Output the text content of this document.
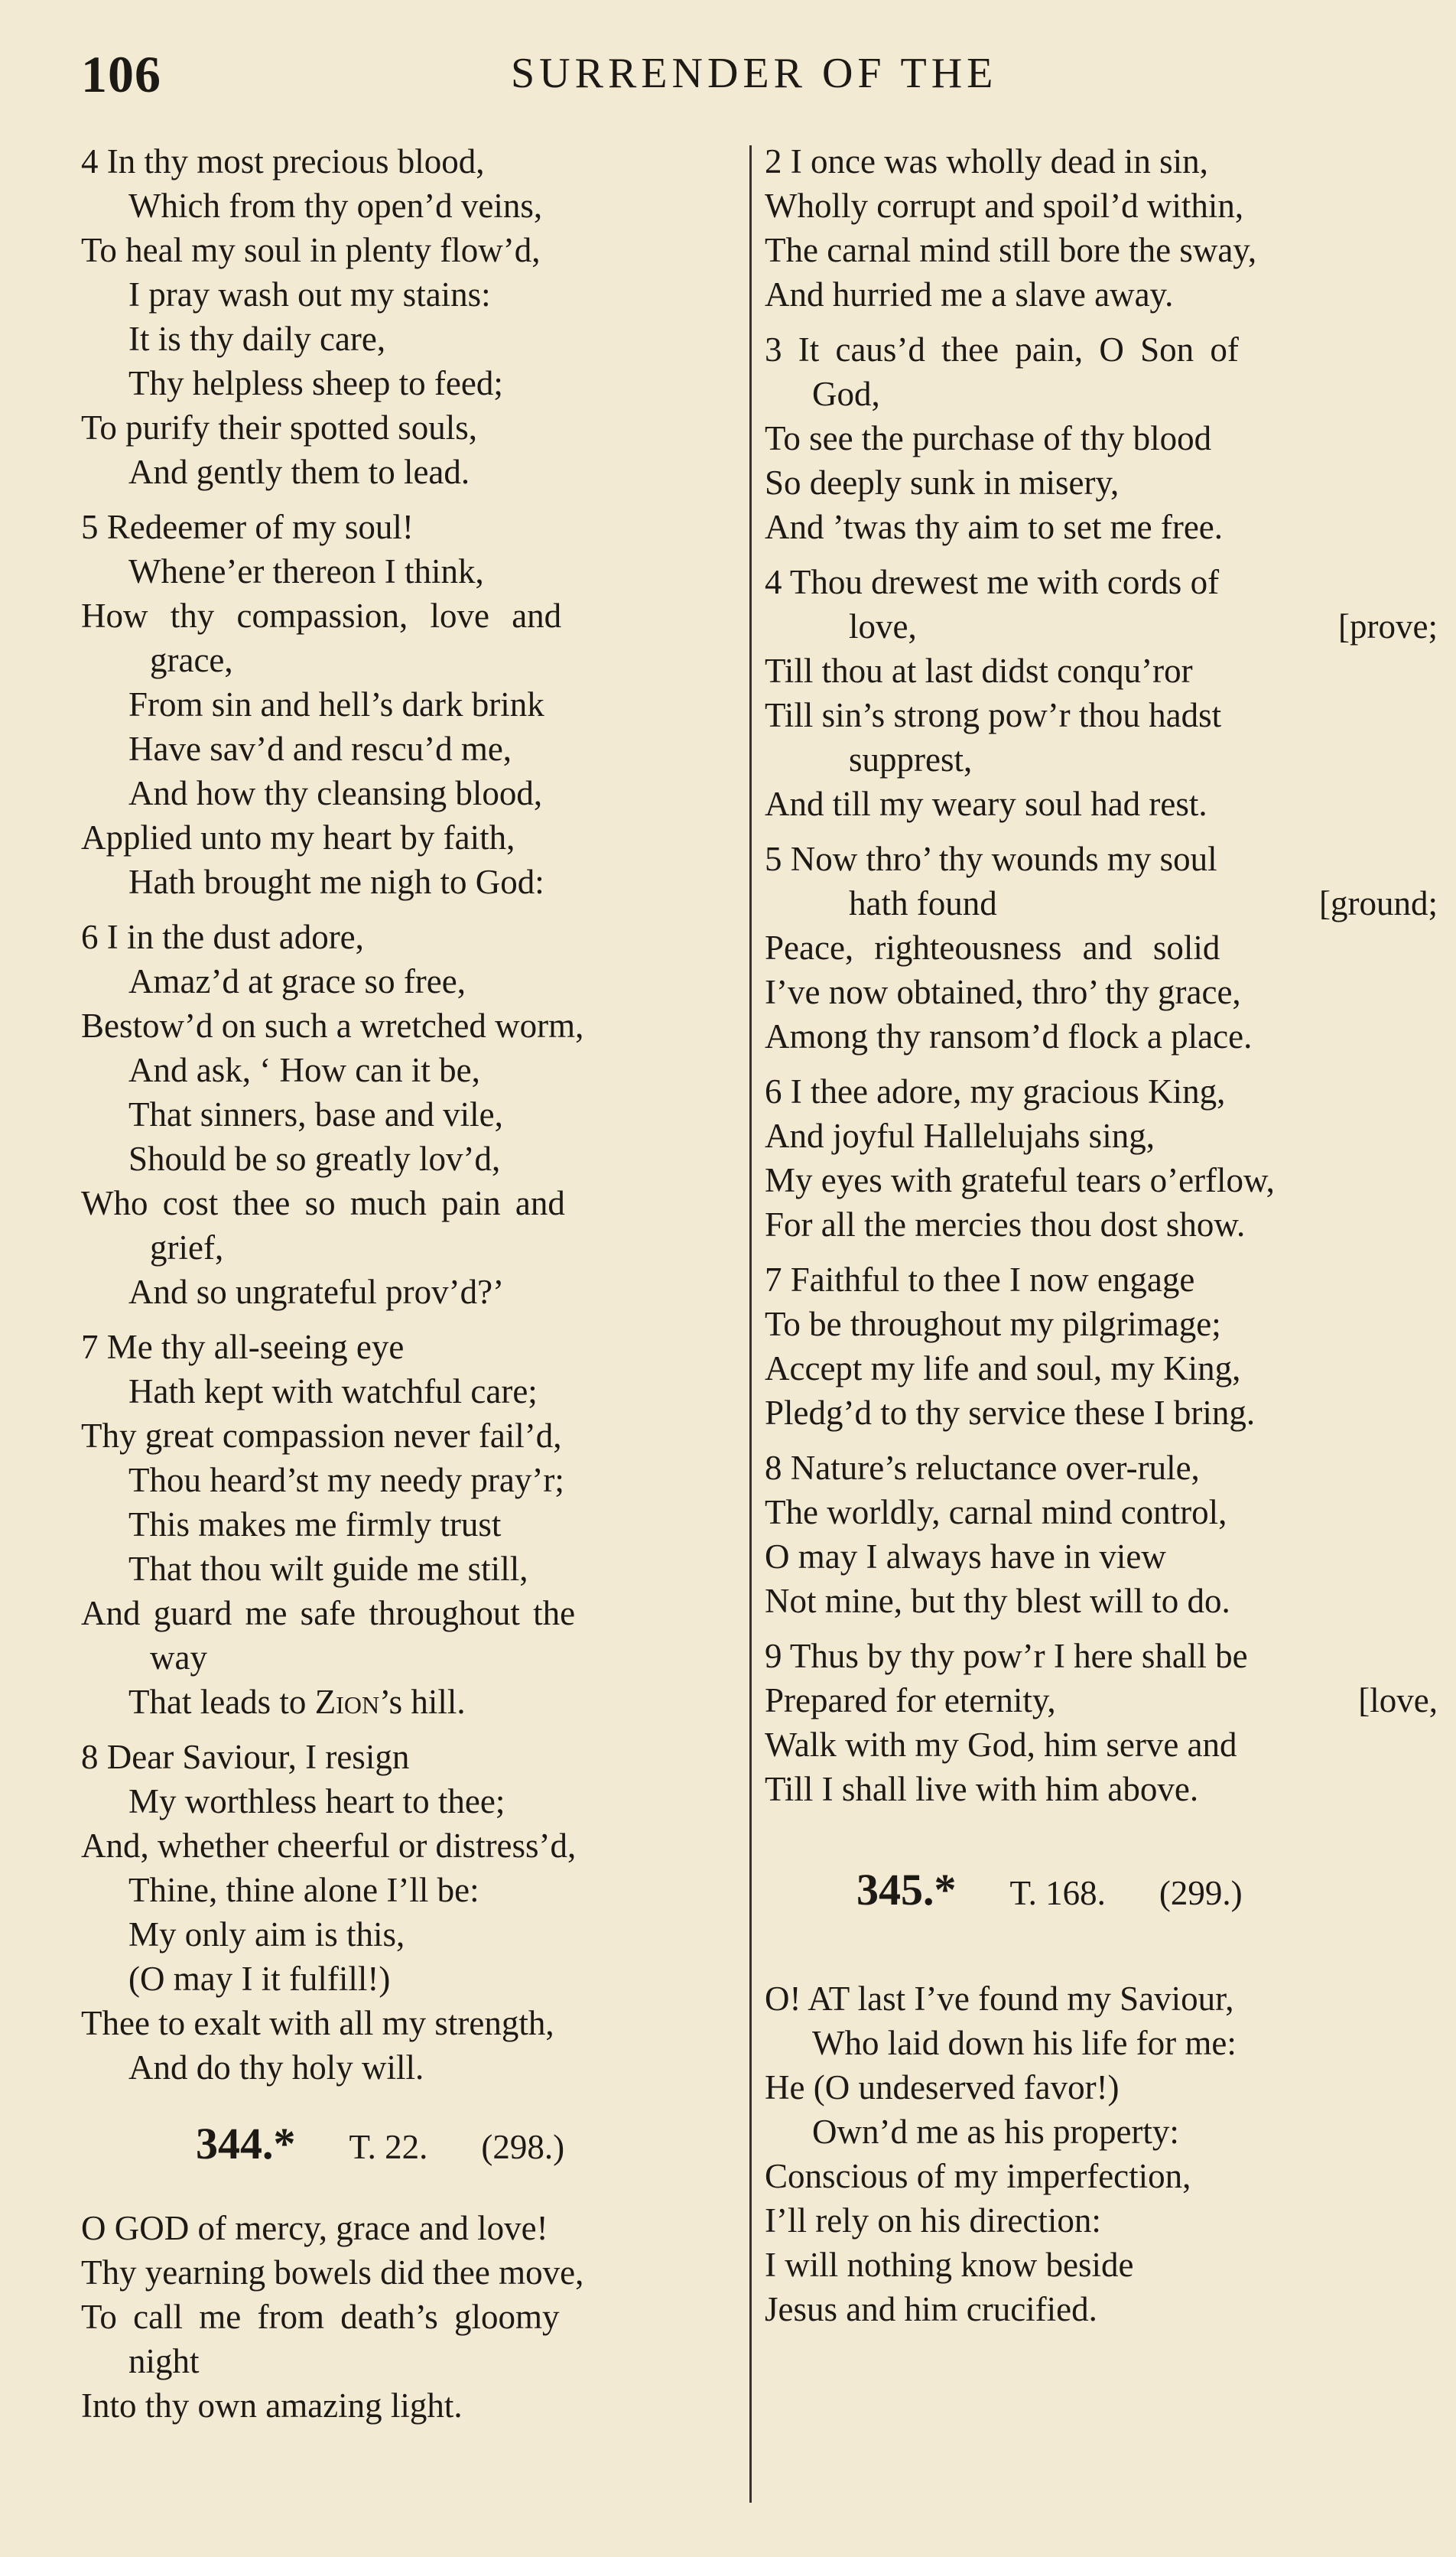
106	SURRENDER OF THE
4 In thy most precious blood,
Which from thy open’d veins,
To heal my soul in plenty flow’d,
I pray wash out my stains:
It is thy daily care,
Thy helpless sheep to feed;
To purify their spotted souls,
And gently them to lead.
5 Redeemer of my soul!
Whene’er thereon I think,
How thy compassion, love and
grace,
From sin and hell’s dark brink
Have sav’d and rescu’d me,
And how thy cleansing blood,
Applied unto my heart by faith,
Hath brought me nigh to God:
6 I in the dust adore,
Amaz’d at grace so free,
Bestow’d on such a wretched worm,
And ask, ‘ How can it be,
That sinners, base and vile,
Should be so greatly lov’d,
Who cost thee so much pain and
grief,
And so ungrateful prov’d?’
7 Me thy all-seeing eye
Hath kept with watchful care;
Thy great compassion never fail’d,
Thou heard’st my needy pray’r;
This makes me firmly trust
That thou wilt guide me still,
And guard me safe throughout the
way
That leads to Zion’s hill.
8 Dear Saviour, I resign
My worthless heart to thee;
And, whether cheerful or distress’d,
Thine, thine alone I’ll be:
My only aim is this,
(O may I it fulfill!)
Thee to exalt with all my strength,
And do thy holy will.
344.* T. 22. (298.)
O GOD of mercy, grace and love!
Thy yearning bowels did thee move,
To call me from death’s gloomy
night
Into thy own amazing light.
2 I once was wholly dead in sin,
Wholly corrupt and spoil’d within,
The carnal mind still bore the sway,
And hurried me a slave away.
3 It caus’d thee pain, O Son of
God,
To see the purchase of thy blood
So deeply sunk in misery,
And ’twas thy aim to set me free.
4 Thou drewest me with cords of
love,	[prove;
Till thou at last didst conqu’ror
Till sin’s strong pow’r thou hadst
supprest,
And till my weary soul had rest.
5 Now thro’ thy wounds my soul
hath found	[ground;
Peace, righteousness and solid
I’ve now obtained, thro’ thy grace,
Among thy ransom’d flock a place.
6 I thee adore, my gracious King,
And joyful Hallelujahs sing,
My eyes with grateful tears o’erflow,
For all the mercies thou dost show.
7 Faithful to thee I now engage
To be throughout my pilgrimage;
Accept my life and soul, my King,
Pledg’d to thy service these I bring.
8 Nature’s reluctance over-rule,
The worldly, carnal mind control,
O may I always have in view
Not mine, but thy blest will to do.
9 Thus by thy pow’r I here shall be
Prepared for eternity,	[love,
Walk with my God, him serve and
Till I shall live with him above.
345.* T. 168. (299.)
O! AT last I’ve found my Saviour,
Who laid down his life for me:
He (O undeserved favor!)
Own’d me as his property:
Conscious of my imperfection,
I’ll rely on his direction:
I will nothing know beside
Jesus and him crucified.
